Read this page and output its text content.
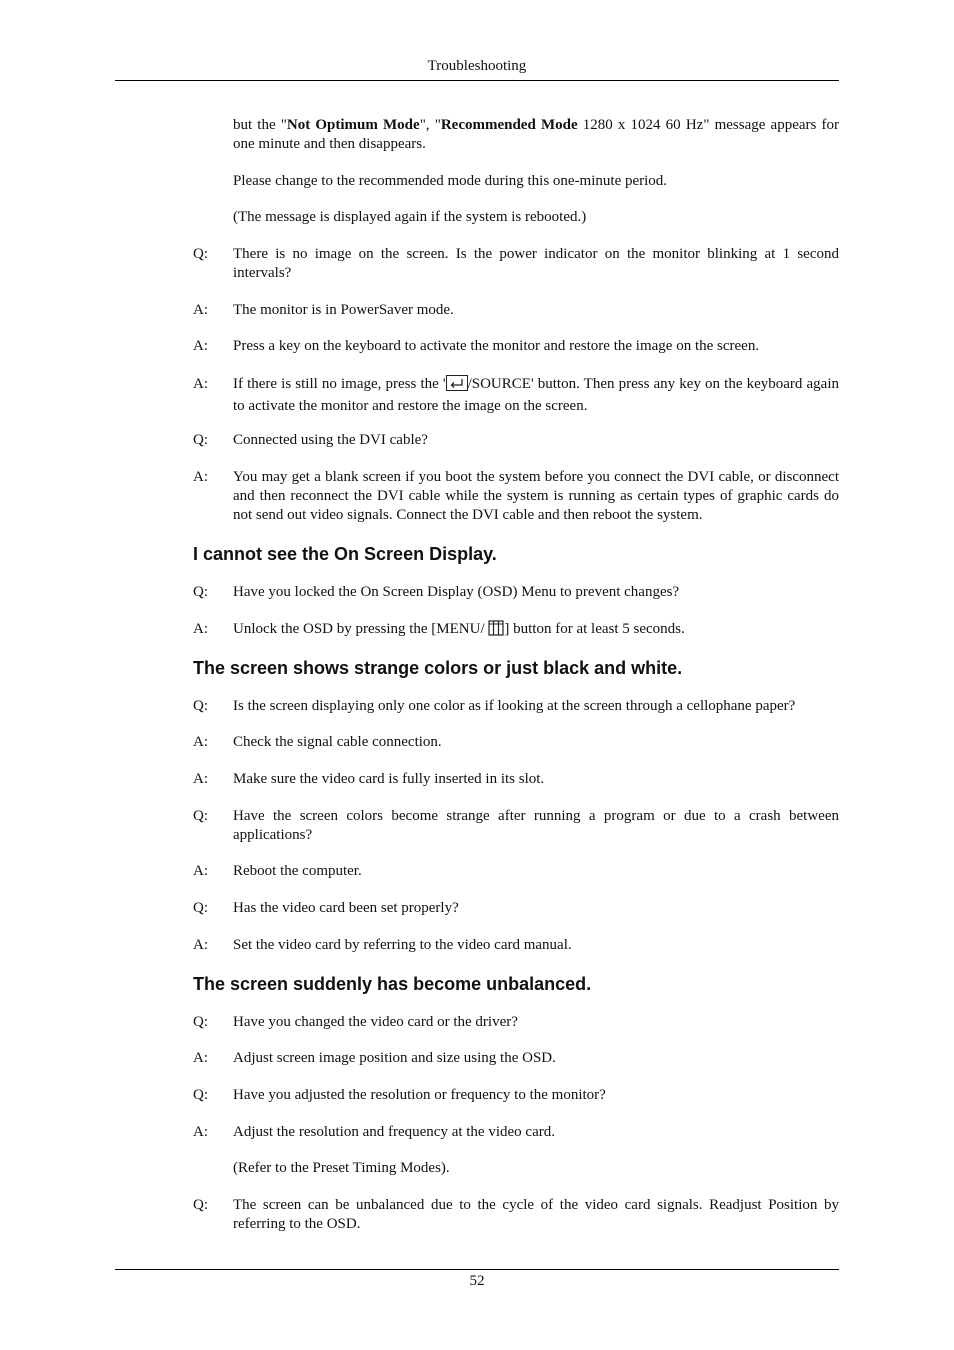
Troubleshooting
but the "Not Optimum Mode", "Recommended Mode 1280 x 1024 60 Hz" message appears for one minute and then disappears.
Please change to the recommended mode during this one-minute period.
(The message is displayed again if the system is rebooted.)
Q:	There is no image on the screen. Is the power indicator on the monitor blinking at 1 second intervals?
A:	The monitor is in PowerSaver mode.
A:	Press a key on the keyboard to activate the monitor and restore the image on the screen.
A:	If there is still no image, press the ' /SOURCE' button. Then press any key on the keyboard again to activate the monitor and restore the image on the screen.
Q:	Connected using the DVI cable?
A:	You may get a blank screen if you boot the system before you connect the DVI cable, or disconnect and then reconnect the DVI cable while the system is running as certain types of graphic cards do not send out video signals. Connect the DVI cable and then reboot the system.
I cannot see the On Screen Display.
Q:	Have you locked the On Screen Display (OSD) Menu to prevent changes?
A:	Unlock the OSD by pressing the [MENU/ ] button for at least 5 seconds.
The screen shows strange colors or just black and white.
Q:	Is the screen displaying only one color as if looking at the screen through a cellophane paper?
A:	Check the signal cable connection.
A:	Make sure the video card is fully inserted in its slot.
Q:	Have the screen colors become strange after running a program or due to a crash between applications?
A:	Reboot the computer.
Q:	Has the video card been set properly?
A:	Set the video card by referring to the video card manual.
The screen suddenly has become unbalanced.
Q:	Have you changed the video card or the driver?
A:	Adjust screen image position and size using the OSD.
Q:	Have you adjusted the resolution or frequency to the monitor?
A:	Adjust the resolution and frequency at the video card.
(Refer to the Preset Timing Modes).
Q:	The screen can be unbalanced due to the cycle of the video card signals. Readjust Position by referring to the OSD.
52
